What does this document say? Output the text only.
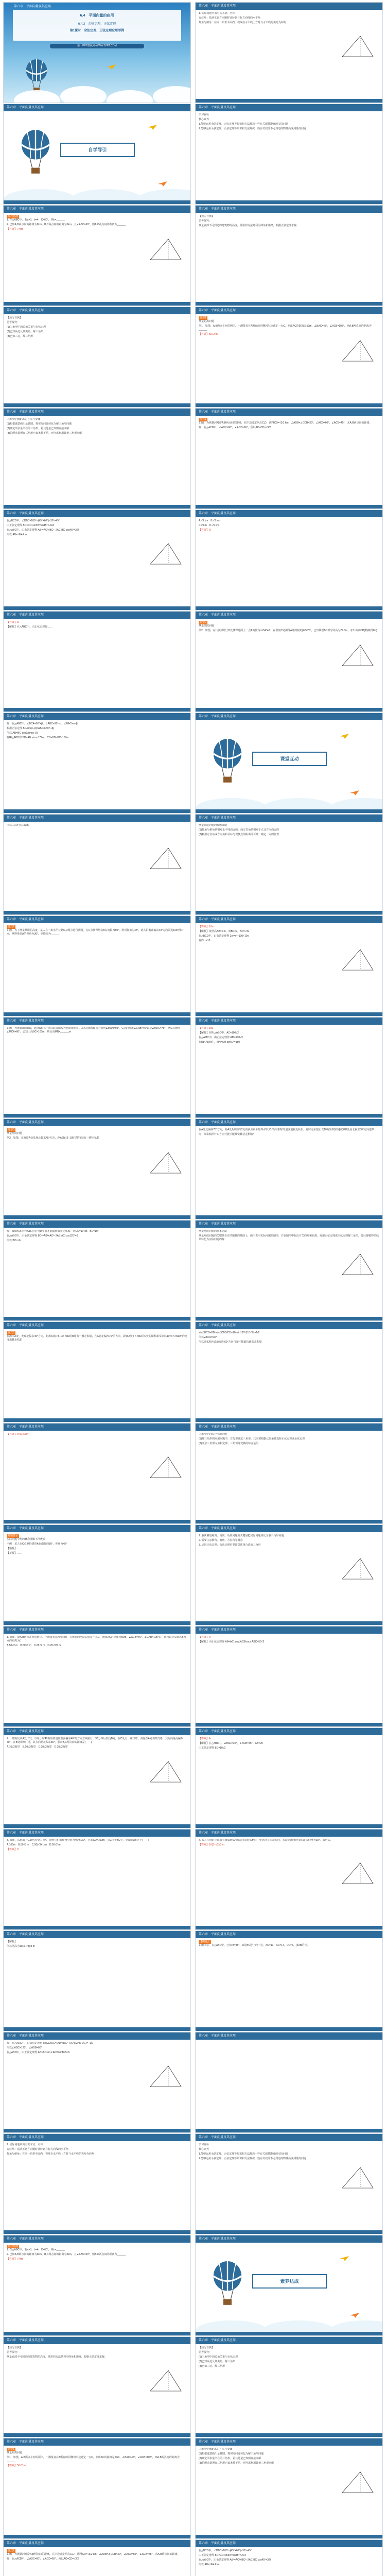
第六章　平面向量及其应用
6.4　平面向量的应用
6.4.3　余弦定理、正弦定理
第1课时　余弦定理、正弦定理应用举例
第一PPT模板网-WWW.1PPT.COM
第六章　平面向量及其应用

1. 实际问题中的有关术语、名称

方位角：指从正北方向顺时针转到目标方向线的水平角

仰角与俯角：在同一铅垂平面内，视线在水平线上方时与水平线的夹角为仰角

第六章　平面向量及其应用
自学导引
第六章　平面向量及其应用

学习目标

核心素养

1.能够运用余弦定理、正弦定理等知识和方法解决一些有关测量距离的实际问题

2.能够运用余弦定理、正弦定理等知识和方法解决一些有关底部不可到达的物体高度测量的问题

第六章　平面向量及其应用
预习自测

1. 在△ABC中，若a=3，b=4，C=60°，则c=______

2. 已知A,B两点间的距离为2km，B,C两点间的距离为3km，且∠ABC=60°，则A,C两点间的距离为______

【答案】√7km

第六章　平面向量及其应用

【预习自测】

思考探究：

测量底部不可到达的建筑物的高度，常用的方法是利用仰角和距离，根据正弦定理求解。

第六章　平面向量及其应用

【预习自测】

思考探究：

(1)三角形中的边角关系与余弦定理

(2)已知两边及其夹角，解三角形

(3)已知三边，解三角形

第六章　平面向量及其应用
题型1

测量距离问题

例1　如图，A,B两点在河的两岸，一测量者在A所在的同侧河岸边选定一点C，测出AC的距离是50m，∠BAC=45°，∠ACB=105°，则A,B两点间的距离为______

【答案】50√2 m

第六章　平面向量及其应用

三角形中测距离的方法与步骤

(1)根据题意画出示意图，将实际问题转化为解三角形问题

(2)确定所求量所在的三角形，若其他量已知则直接求解

(3)若所求量所在三角形已知条件不足，则考虑利用其他三角形求解

第六章　平面向量及其应用
变式1

如图，为测量河对岸A,B两点间的距离，在岸边选定两点C,D，测得CD=√3/2 km，∠ADB=∠CDB=30°，∠ACD=60°，∠ACB=45°，求A,B两点间的距离。

解：在△ACD中，∠ADC=60°，∠ACD=60°，所以AC=CD=√3/2

第六章　平面向量及其应用

在△BCD中，∠DBC=180°−(45°+60°)−30°=45°

由正弦定理得 BC=CD·sin30°/sin45°=√6/4

在△ABC中，由余弦定理得 AB²=AC²+BC²−2AC·BC·cos45°=3/8

所以 AB=√6/4 km

第六章　平面向量及其应用

A.√3 km　B.√2 km

C.2 km　D.√6 km

【答案】D

第六章　平面向量及其应用

【答案】D

【解析】在△ABC中，由正弦定理得……

第六章　平面向量及其应用
题型2

测量高度问题

例2　如图，在山顶铁塔上B处测得地面上一点A的俯角α=54°40′，在塔底C处测得A处的俯角β=50°1′，已知铁塔BC部分的高为27.3m，求出山高CD(精确到1m)

第六章　平面向量及其应用

解：在△ABC中，∠BCA=90°+β，∠ABC=90°−α，∠BAC=α−β

根据正弦定理 BC/sin(α−β)=AB/sin(90°+β)

所以 AB=BC·cosβ/sin(α−β)

解Rt△ABD得 BD=AB·sinα≈177m，CD=BD−BC≈150m

第六章　平面向量及其应用
课堂互动
第六章　平面向量及其应用

所以山高约为150m。

第六章　平面向量及其应用

测量高度问题的解题策略

(1)仰角与俯角是相对水平线而言的，而方位角是相对于正北方向而言的

(2)利用方位角或方向角和目标与观测点的距离即可唯一确定一点的位置

第六章　平面向量及其应用
变式2

如图，为了测量某塔的高度，某人在一条水平公路C,D两点进行测量。在C点测得塔底B在南偏西80°，塔顶仰角为45°，此人沿着南偏东40°方向前进10m到D点，测得塔顶A的仰角为30°，则塔高为______

第六章　平面向量及其应用

【答案】10m

【解析】设塔高AB=x m，则BC=x，BD=√3x

在△BCD中，由余弦定理得 3x²=x²+100+10x

解得 x=10

第六章　平面向量及其应用

如图，为测量山高MN，选择A和另一座山的山顶C为测量观测点。从A点测得M点的仰角∠MAN=60°，C点的仰角∠CAB=45°以及∠MAC=75°；从C点测得∠MCA=60°。已知山高BC=100m，则山高MN=______m

第六章　平面向量及其应用

【答案】150

【解析】在Rt△ABC中，AC=100√2

在△AMC中，由正弦定理得 AM=100√3

在Rt△AMN中，MN=AM·sin60°=150

第六章　平面向量及其应用
题型3

测量角度问题

例3　如图，在海岸A处发现北偏东45°方向，距A处(√3−1)海里的B处有一艘走私船

第六章　平面向量及其应用

在A处北偏西75°方向，距A处2海里的C处的我方缉私船奉命以10√3海里/时的速度追截走私船，此时走私船正以10海里/时的速度从B处向北偏东30°方向逃窜

问：缉私船沿什么方向行驶才能最快截获走私船？

第六章　平面向量及其应用

解：设缉私船应沿CD方向行驶t小时才能最快截获走私船，则CD=10√3t，BD=10t

在△ABC中，由余弦定理得 BC²=AB²+AC²−2AB·AC·cos120°=6

所以 BC=√6

第六章　平面向量及其应用

测量角度问题的基本思路

测量角度问题的关键是在弄清题意的基础上，画出表示实际问题的图形，并在图形中标出有关的角和距离，再用正弦定理或余弦定理解三角形，最后将解得的结果转化为实际问题的解

第六章　平面向量及其应用
变式3

在海岸A处，发现北偏东45°方向，距离A处(√3−1)n mile的B处有一艘走私船，在A处北偏西75°的方向，距离A处2 n mile的C处的缉私船奉命以10√3 n mile/h的速度追截走私船

第六章　平面向量及其应用

sin∠BCD=BD·sin∠CBD/CD=10t·sin120°/(10√3t)=1/2

所以∠BCD=30°

所以缉私船应沿北偏东60°方向行驶才能最快截获走私船

第六章　平面向量及其应用

【答案】北偏东60°

第六章　平面向量及其应用

三角形中的综合应用问题

(1)解三角形的应用问题中，首先要确定三角形，其次要根据已知条件选择正弦定理或余弦定理

(2)注意三角形内角和定理、三角恒等变换的综合运用

第六章　平面向量及其应用
易错警示

实际问题中角的概念理解不清致误

示例　某人在C点测得塔顶A在南偏西80°，仰角为45°

【错解】……

【正解】……

第六章　平面向量及其应用

1. 解决测量距离、高度、角度问题的关键是把实际问题转化为解三角形问题

2. 需要注意仰角、俯角、方位角等概念

3. 运用正弦定理、余弦定理时要注意选择合适的三角形

第六章　平面向量及其应用

1. 如图，设A,B两点在河的两岸，一测量者在A的同侧，在所在的河岸边选定一点C，测出AC的距离为50m，∠ACB=45°，∠CAB=105°后，就可以计算出A,B两点的距离为(　　)

A.50√2 m　B.50√3 m　C.25√2 m　D.25√2/2 m

第六章　平面向量及其应用

【答案】A

【解析】由正弦定理得 AB=AC·sin∠ACB/sin∠ABC=50√2

第六章　平面向量及其应用

2. 一艘海轮从A处出发，以每小时40海里的速度沿南偏东40°的方向直线航行，30分钟后到达B处。在C处有一座灯塔，海轮在A处观察灯塔，其方向是南偏东70°，在B处观察灯塔，其方向是北偏东65°，那么B,C两点间的距离是(　　)

A.10√2海里　B.10√3海里　C.20√3海里　D.20√2海里

第六章　平面向量及其应用

【答案】A

【解析】在△ABC中，∠BAC=30°，∠ACB=45°，AB=20

由正弦定理得 BC=10√2

第六章　平面向量及其应用

3. 如图，从地面上C,D两点望山顶A，测得它们的仰角分别为45°和30°，已知CD=100m，点C位于BD上，则山高AB等于(　　)

A.100m　B.50√3 m　C.50(√3+1)m　D.50√2 m

【答案】C

第六章　平面向量及其应用

4. 某人在塔的正东沿着南偏西60°的方向前进40m后，望见塔在东北方向，若沿途测得塔顶的最大仰角为30°，求塔高。

【答案】10(3−√3)/3 m

第六章　平面向量及其应用

【解析】……

所以塔高为10(3−√3)/3 m

第六章　平面向量及其应用
【例题】

如图所示，在△ABC中，已知 B=45°，D是BC边上的一点，AD=10，AC=14，DC=6，求AB的长。

第六章　平面向量及其应用

解：在△ADC中，由余弦定理得 cos∠ADC=(AD²+DC²−AC²)/(2AD·DC)=−1/2

所以∠ADC=120°，∠ADB=60°

在△ABD中，由正弦定理得 AB=AD·sin∠ADB/sinB=5√6

第六章　平面向量及其应用
第六章　平面向量及其应用

1. 实际问题中的有关术语、名称

方位角：指从正北方向顺时针转到目标方向线的水平角

仰角与俯角：在同一铅垂平面内，视线在水平线上方时与水平线的夹角为仰角

第六章　平面向量及其应用

学习目标

核心素养

1.能够运用余弦定理、正弦定理等知识和方法解决一些有关测量距离的实际问题

2.能够运用余弦定理、正弦定理等知识和方法解决一些有关底部不可到达的物体高度测量的问题

第六章　平面向量及其应用
预习自测

1. 在△ABC中，若a=3，b=4，C=60°，则c=______

2. 已知A,B两点间的距离为2km，B,C两点间的距离为3km，且∠ABC=60°，则A,C两点间的距离为______

【答案】√7km

第六章　平面向量及其应用
素养达成
第六章　平面向量及其应用

【预习自测】

思考探究：

测量底部不可到达的建筑物的高度，常用的方法是利用仰角和距离，根据正弦定理求解。

第六章　平面向量及其应用

【预习自测】

思考探究：

(1)三角形中的边角关系与余弦定理

(2)已知两边及其夹角，解三角形

(3)已知三边，解三角形

第六章　平面向量及其应用
题型1

测量距离问题

例1　如图，A,B两点在河的两岸，一测量者在A所在的同侧河岸边选定一点C，测出AC的距离是50m，∠BAC=45°，∠ACB=105°，则A,B两点间的距离为______

【答案】50√2 m

第六章　平面向量及其应用

三角形中测距离的方法与步骤

(1)根据题意画出示意图，将实际问题转化为解三角形问题

(2)确定所求量所在的三角形，若其他量已知则直接求解

(3)若所求量所在三角形已知条件不足，则考虑利用其他三角形求解

第六章　平面向量及其应用
变式1

如图，为测量河对岸A,B两点间的距离，在岸边选定两点C,D，测得CD=√3/2 km，∠ADB=∠CDB=30°，∠ACD=60°，∠ACB=45°，求A,B两点间的距离。

解：在△ACD中，∠ADC=60°，∠ACD=60°，所以AC=CD=√3/2

第六章　平面向量及其应用

在△BCD中，∠DBC=180°−(45°+60°)−30°=45°

由正弦定理得 BC=CD·sin30°/sin45°=√6/4

在△ABC中，由余弦定理得 AB²=AC²+BC²−2AC·BC·cos45°=3/8

所以 AB=√6/4 km
